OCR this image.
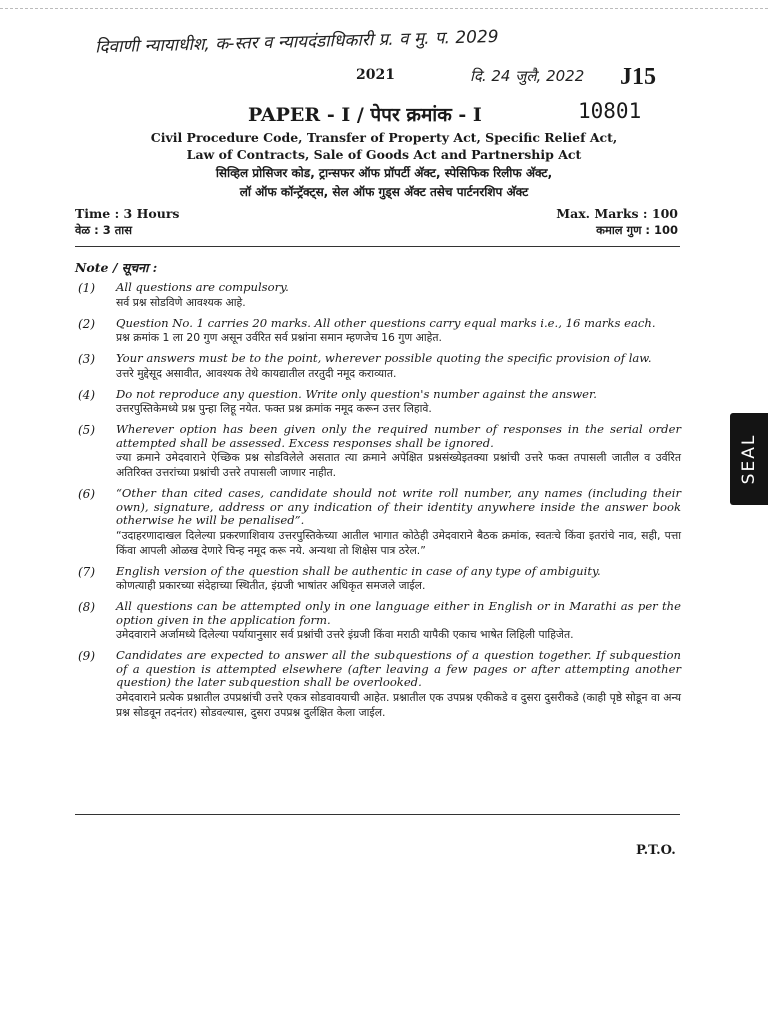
दिवाणी न्यायाधीश, क-स्तर व न्यायदंडाधिकारी प्र. व मु. प. 2029
दि. 24 जुलै, 2022
2021	J15
PAPER - I / पेपर क्रमांक - I	10801
Civil Procedure Code, Transfer of Property Act, Specific Relief Act,
Law of Contracts, Sale of Goods Act and Partnership Act
सिव्हिल प्रोसिजर कोड, ट्रान्सफर ऑफ प्रॉपर्टी अ‍ॅक्ट, स्पेसिफिक रिलीफ अ‍ॅक्ट,
लॉ ऑफ कॉन्ट्रॅक्ट्स, सेल ऑफ गुड्स अ‍ॅक्ट तसेच पार्टनरशिप अ‍ॅक्ट
Time : 3 Hours
वेळ : 3 तास
Max. Marks : 100
कमाल गुण : 100
Note / सूचना :
(1) All questions are compulsory.
सर्व प्रश्न सोडविणे आवश्यक आहे.
(2) Question No. 1 carries 20 marks. All other questions carry equal marks i.e., 16 marks each.
प्रश्न क्रमांक 1 ला 20 गुण असून उर्वरित सर्व प्रश्नांना समान म्हणजेच 16 गुण आहेत.
(3) Your answers must be to the point, wherever possible quoting the specific provision of law.
उत्तरे मुद्देसूद असावीत, आवश्यक तेथे कायद्यातील तरतुदी नमूद कराव्यात.
(4) Do not reproduce any question. Write only question's number against the answer.
उत्तरपुस्तिकेमध्ये प्रश्न पुन्हा लिहू नयेत. फक्त प्रश्न क्रमांक नमूद करून उत्तर लिहावे.
(5) Wherever option has been given only the required number of responses in the serial order attempted shall be assessed. Excess responses shall be ignored.
ज्या क्रमाने उमेदवाराने ऐच्छिक प्रश्न सोडविलेले असतात त्या क्रमाने अपेक्षित प्रश्नसंख्येइतक्या प्रश्नांची उत्तरे फक्त तपासली जातील व उर्वरित अतिरिक्त उत्तरांच्या प्रश्नांची उत्तरे तपासली जाणार नाहीत.
(6) “Other than cited cases, candidate should not write roll number, any names (including their own), signature, address or any indication of their identity anywhere inside the answer book otherwise he will be penalised”.
“उदाहरणादाखल दिलेल्या प्रकरणाशिवाय उत्तरपुस्तिकेच्या आतील भागात कोठेही उमेदवाराने बैठक क्रमांक, स्वतःचे किंवा इतरांचे नाव, सही, पत्ता किंवा आपली ओळख देणारे चिन्ह नमूद करू नये. अन्यथा तो शिक्षेस पात्र ठरेल.”
(7) English version of the question shall be authentic in case of any type of ambiguity.
कोणत्याही प्रकारच्या संदेहाच्या स्थितीत, इंग्रजी भाषांतर अधिकृत समजले जाईल.
(8) All questions can be attempted only in one language either in English or in Marathi as per the option given in the application form.
उमेदवाराने अर्जामध्ये दिलेल्या पर्यायानुसार सर्व प्रश्नांची उत्तरे इंग्रजी किंवा मराठी यापैकी एकाच भाषेत लिहिली पाहिजेत.
(9) Candidates are expected to answer all the subquestions of a question together. If subquestion of a question is attempted elsewhere (after leaving a few pages or after attempting another question) the later subquestion shall be overlooked.
उमेदवाराने प्रत्येक प्रश्नातील उपप्रश्नांची उत्तरे एकत्र सोडवावयाची आहेत. प्रश्नातील एक उपप्रश्न एकीकडे व दुसरा दुसरीकडे (काही पृष्ठे सोडून वा अन्य प्रश्न सोडवून तदनंतर) सोडवल्यास, दुसरा उपप्रश्न दुर्लक्षित केला जाईल.
P.T.O.
SEAL
